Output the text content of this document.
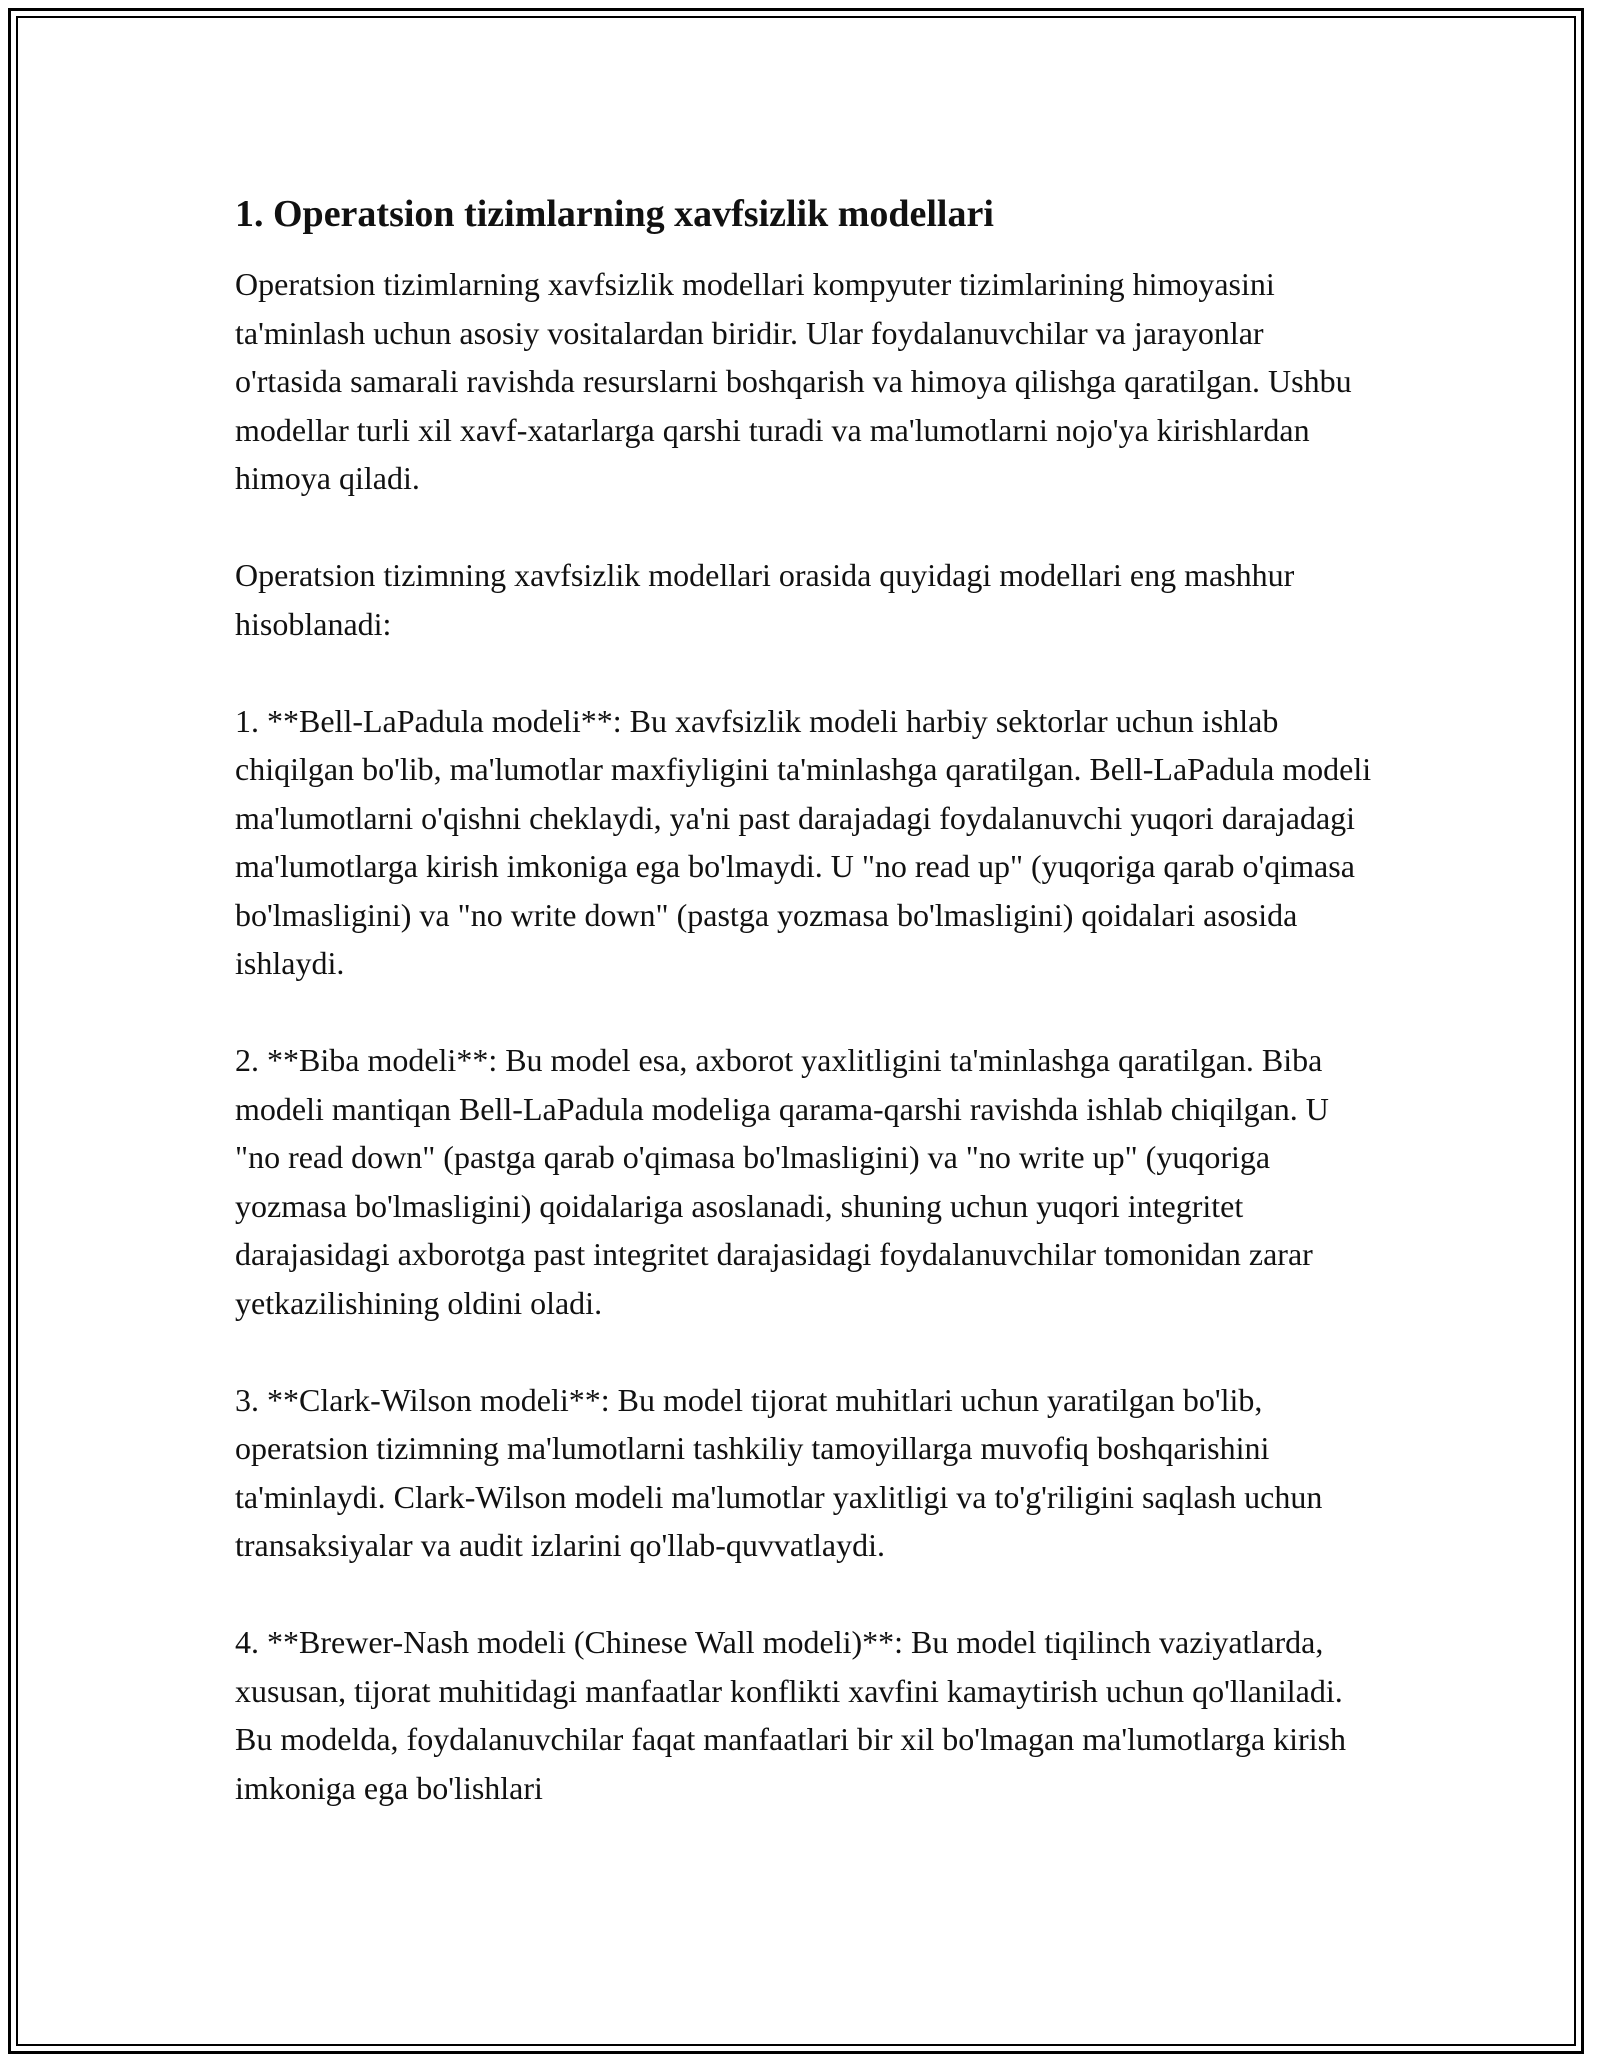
1. Operatsion tizimlarning xavfsizlik modellari

Operatsion tizimlarning xavfsizlik modellari kompyuter tizimlarining himoyasini ta'minlash uchun asosiy vositalardan biridir. Ular foydalanuvchilar va jarayonlar o'rtasida samarali ravishda resurslarni boshqarish va himoya qilishga qaratilgan. Ushbu modellar turli xil xavf-xatarlarga qarshi turadi va ma'lumotlarni nojo'ya kirishlardan himoya qiladi.

Operatsion tizimning xavfsizlik modellari orasida quyidagi modellari eng mashhur hisoblanadi:

1. **Bell-LaPadula modeli**: Bu xavfsizlik modeli harbiy sektorlar uchun ishlab chiqilgan bo'lib, ma'lumotlar maxfiyligini ta'minlashga qaratilgan. Bell-LaPadula modeli ma'lumotlarni o'qishni cheklaydi, ya'ni past darajadagi foydalanuvchi yuqori darajadagi ma'lumotlarga kirish imkoniga ega bo'lmaydi. U "no read up" (yuqoriga qarab o'qimasa bo'lmasligini) va "no write down" (pastga yozmasa bo'lmasligini) qoidalari asosida ishlaydi.

2. **Biba modeli**: Bu model esa, axborot yaxlitligini ta'minlashga qaratilgan. Biba modeli mantiqan Bell-LaPadula modeliga qarama-qarshi ravishda ishlab chiqilgan. U "no read down" (pastga qarab o'qimasa bo'lmasligini) va "no write up" (yuqoriga yozmasa bo'lmasligini) qoidalariga asoslanadi, shuning uchun yuqori integritet darajasidagi axborotga past integritet darajasidagi foydalanuvchilar tomonidan zarar yetkazilishining oldini oladi.

3. **Clark-Wilson modeli**: Bu model tijorat muhitlari uchun yaratilgan bo'lib, operatsion tizimning ma'lumotlarni tashkiliy tamoyillarga muvofiq boshqarishini ta'minlaydi. Clark-Wilson modeli ma'lumotlar yaxlitligi va to'g'riligini saqlash uchun transaksiyalar va audit izlarini qo'llab-quvvatlaydi.

4. **Brewer-Nash modeli (Chinese Wall modeli)**: Bu model tiqilinch vaziyatlarda, xususan, tijorat muhitidagi manfaatlar konflikti xavfini kamaytirish uchun qo'llaniladi. Bu modelda, foydalanuvchilar faqat manfaatlari bir xil bo'lmagan ma'lumotlarga kirish imkoniga ega bo'lishlari
